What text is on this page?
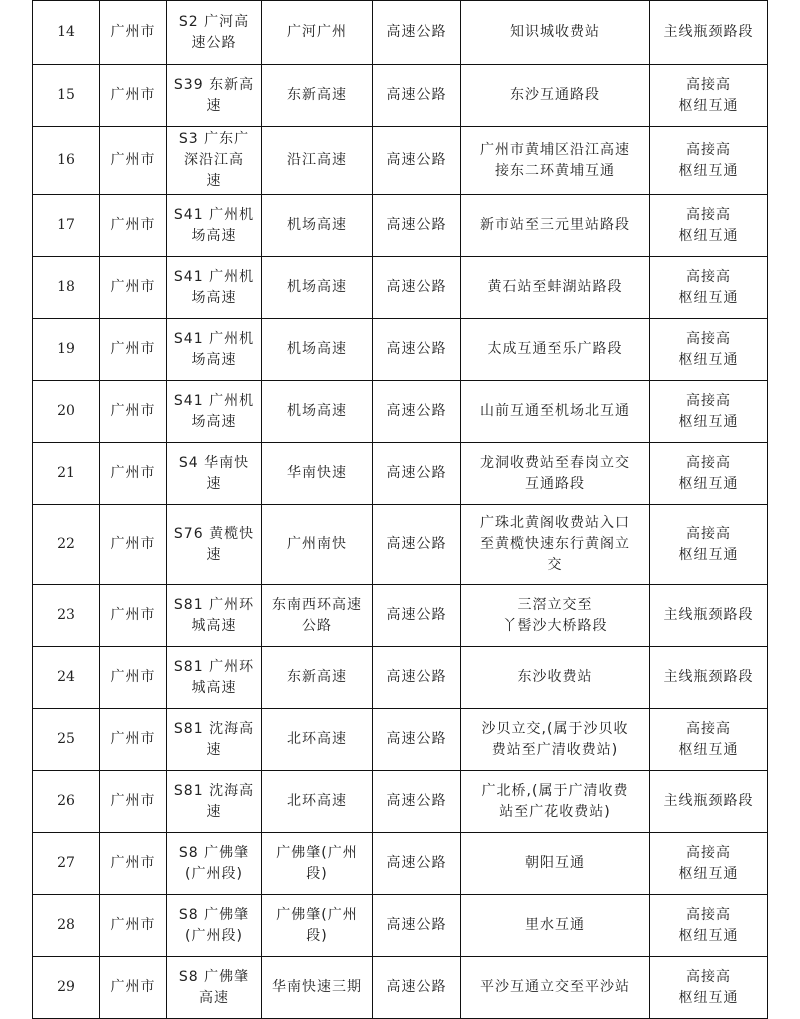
14	广州市	S2 广河高
速公路	广河广州	高速公路	知识城收费站	主线瓶颈路段
15	广州市	S39 东新高
速	东新高速	高速公路	东沙互通路段	高接高
枢纽互通
16	广州市	S3 广东广
深沿江高
速	沿江高速	高速公路	广州市黄埔区沿江高速
接东二环黄埔互通	高接高
枢纽互通
17	广州市	S41 广州机
场高速	机场高速	高速公路	新市站至三元里站路段	高接高
枢纽互通
18	广州市	S41 广州机
场高速	机场高速	高速公路	黄石站至蚌湖站路段	高接高
枢纽互通
19	广州市	S41 广州机
场高速	机场高速	高速公路	太成互通至乐广路段	高接高
枢纽互通
20	广州市	S41 广州机
场高速	机场高速	高速公路	山前互通至机场北互通	高接高
枢纽互通
21	广州市	S4 华南快
速	华南快速	高速公路	龙洞收费站至春岗立交
互通路段	高接高
枢纽互通
22	广州市	S76 黄榄快
速	广州南快	高速公路	广珠北黄阁收费站入口
至黄榄快速东行黄阁立
交	高接高
枢纽互通
23	广州市	S81 广州环
城高速	东南西环高速
公路	高速公路	三滘立交至
丫髻沙大桥路段	主线瓶颈路段
24	广州市	S81 广州环
城高速	东新高速	高速公路	东沙收费站	主线瓶颈路段
25	广州市	S81 沈海高
速	北环高速	高速公路	沙贝立交,(属于沙贝收
费站至广清收费站)	高接高
枢纽互通
26	广州市	S81 沈海高
速	北环高速	高速公路	广北桥,(属于广清收费
站至广花收费站)	主线瓶颈路段
27	广州市	S8 广佛肇
(广州段)	广佛肇(广州
段)	高速公路	朝阳互通	高接高
枢纽互通
28	广州市	S8 广佛肇
(广州段)	广佛肇(广州
段)	高速公路	里水互通	高接高
枢纽互通
29	广州市	S8 广佛肇
高速	华南快速三期	高速公路	平沙互通立交至平沙站	高接高
枢纽互通
